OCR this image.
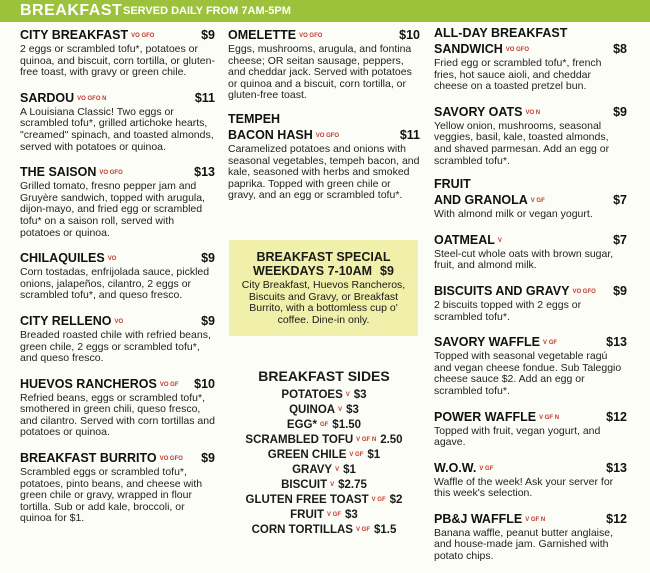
BREAKFAST SERVED DAILY FROM 7AM-5PM
CITY BREAKFAST VO GFO	$9
2 eggs or scrambled tofu*, potatoes or quinoa, and biscuit, corn tortilla, or gluten-free toast, with gravy or green chile.
SARDOU VO GFO N	$11
A Louisiana Classic! Two eggs or scrambled tofu*, grilled artichoke hearts, "creamed" spinach, and toasted almonds, served with potatoes or quinoa.
THE SAISON VO GFO	$13
Grilled tomato, fresno pepper jam and Gruyère sandwich, topped with arugula, dijon-mayo, and fried egg or scrambled tofu* on a saison roll, served with potatoes or quinoa.
CHILAQUILES VO	$9
Corn tostadas, enfrijolada sauce, pickled onions, jalapeños, cilantro, 2 eggs or scrambled tofu*, and queso fresco.
CITY RELLENO VO	$9
Breaded roasted chile with refried beans, green chile, 2 eggs or scrambled tofu*, and queso fresco.
HUEVOS RANCHEROS VO GF $10
Refried beans, eggs or scrambled tofu*, smothered in green chili, queso fresco, and cilantro. Served with corn tortillas and potatoes or quinoa.
BREAKFAST BURRITO VO GFO $9
Scrambled eggs or scrambled tofu*, potatoes, pinto beans, and cheese with green chile or gravy, wrapped in flour tortilla. Sub or add kale, broccoli, or quinoa for $1.
OMELETTE VO GFO	$10
Eggs, mushrooms, arugula, and fontina cheese; OR seitan sausage, peppers, and cheddar jack. Served with potatoes or quinoa and a biscuit, corn tortilla, or gluten-free toast.
TEMPEH
BACON HASH VO GFO	$11
Caramelized potatoes and onions with seasonal vegetables, tempeh bacon, and kale, seasoned with herbs and smoked paprika. Topped with green chile or gravy, and an egg or scrambled tofu*.
BREAKFAST SPECIAL
WEEKDAYS 7-10AM $9
City Breakfast, Huevos Rancheros, Biscuits and Gravy, or Breakfast Burrito, with a bottomless cup o' coffee. Dine-in only.
BREAKFAST SIDES
POTATOES V $3
QUINOA V $3
EGG* GF $1.50
SCRAMBLED TOFU V GF N 2.50
GREEN CHILE V GF $1
GRAVY V $1
BISCUIT V $2.75
GLUTEN FREE TOAST V GF $2
FRUIT V GF $3
CORN TORTILLAS V GF $1.5
ALL-DAY BREAKFAST
SANDWICH VO GFO	$8
Fried egg or scrambled tofu*, french fries, hot sauce aioli, and cheddar cheese on a toasted pretzel bun.
SAVORY OATS VO N	$9
Yellow onion, mushrooms, seasonal veggies, basil, kale, toasted almonds, and shaved parmesan. Add an egg or scrambled tofu*.
FRUIT
AND GRANOLA V GF	$7
With almond milk or vegan yogurt.
OATMEAL V	$7
Steel-cut whole oats with brown sugar, fruit, and almond milk.
BISCUITS AND GRAVY VO GFO $9
2 biscuits topped with 2 eggs or scrambled tofu*.
SAVORY WAFFLE V GF	$13
Topped with seasonal vegetable ragú and vegan cheese fondue. Sub Taleggio cheese sauce $2. Add an egg or scrambled tofu*.
POWER WAFFLE V GF N	$12
Topped with fruit, vegan yogurt, and agave.
W.O.W. V GF	$13
Waffle of the week! Ask your server for this week's selection.
PB&J WAFFLE V GF N	$12
Banana waffle, peanut butter anglaise, and house-made jam. Garnished with potato chips.
